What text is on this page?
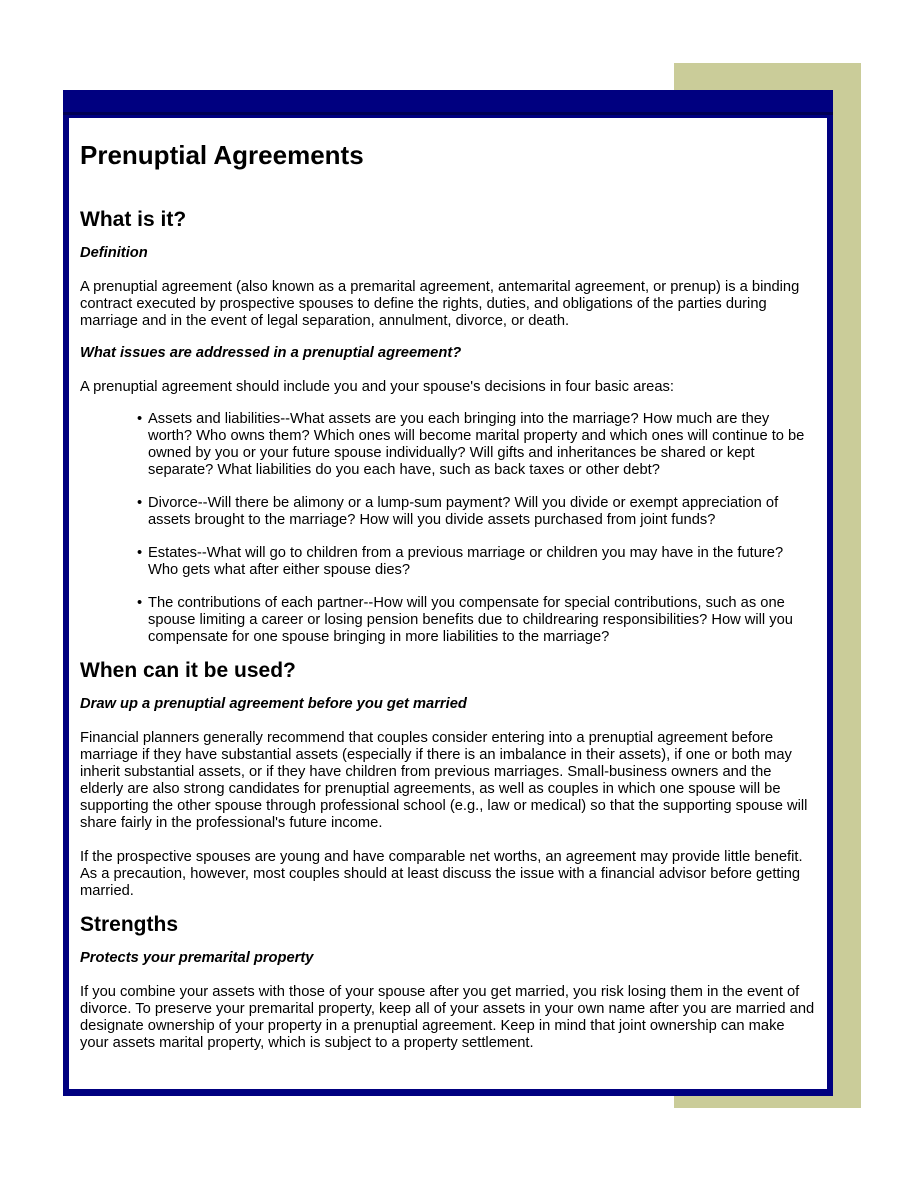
Prenuptial Agreements
What is it?
Definition

A prenuptial agreement (also known as a premarital agreement, antemarital agreement, or prenup) is a binding contract executed by prospective spouses to define the rights, duties, and obligations of the parties during marriage and in the event of legal separation, annulment, divorce, or death.

What issues are addressed in a prenuptial agreement?

A prenuptial agreement should include you and your spouse's decisions in four basic areas:

• Assets and liabilities--What assets are you each bringing into the marriage? How much are they worth? Who owns them? Which ones will become marital property and which ones will continue to be owned by you or your future spouse individually? Will gifts and inheritances be shared or kept separate? What liabilities do you each have, such as back taxes or other debt?
• Divorce--Will there be alimony or a lump-sum payment? Will you divide or exempt appreciation of assets brought to the marriage? How will you divide assets purchased from joint funds?
• Estates--What will go to children from a previous marriage or children you may have in the future? Who gets what after either spouse dies?
• The contributions of each partner--How will you compensate for special contributions, such as one spouse limiting a career or losing pension benefits due to childrearing responsibilities? How will you compensate for one spouse bringing in more liabilities to the marriage?
When can it be used?
Draw up a prenuptial agreement before you get married

Financial planners generally recommend that couples consider entering into a prenuptial agreement before marriage if they have substantial assets (especially if there is an imbalance in their assets), if one or both may inherit substantial assets, or if they have children from previous marriages. Small-business owners and the elderly are also strong candidates for prenuptial agreements, as well as couples in which one spouse will be supporting the other spouse through professional school (e.g., law or medical) so that the supporting spouse will share fairly in the professional's future income.

If the prospective spouses are young and have comparable net worths, an agreement may provide little benefit. As a precaution, however, most couples should at least discuss the issue with a financial advisor before getting married.

Strengths
Protects your premarital property

If you combine your assets with those of your spouse after you get married, you risk losing them in the event of divorce. To preserve your premarital property, keep all of your assets in your own name after you are married and designate ownership of your property in a prenuptial agreement. Keep in mind that joint ownership can make your assets marital property, which is subject to a property settlement.
